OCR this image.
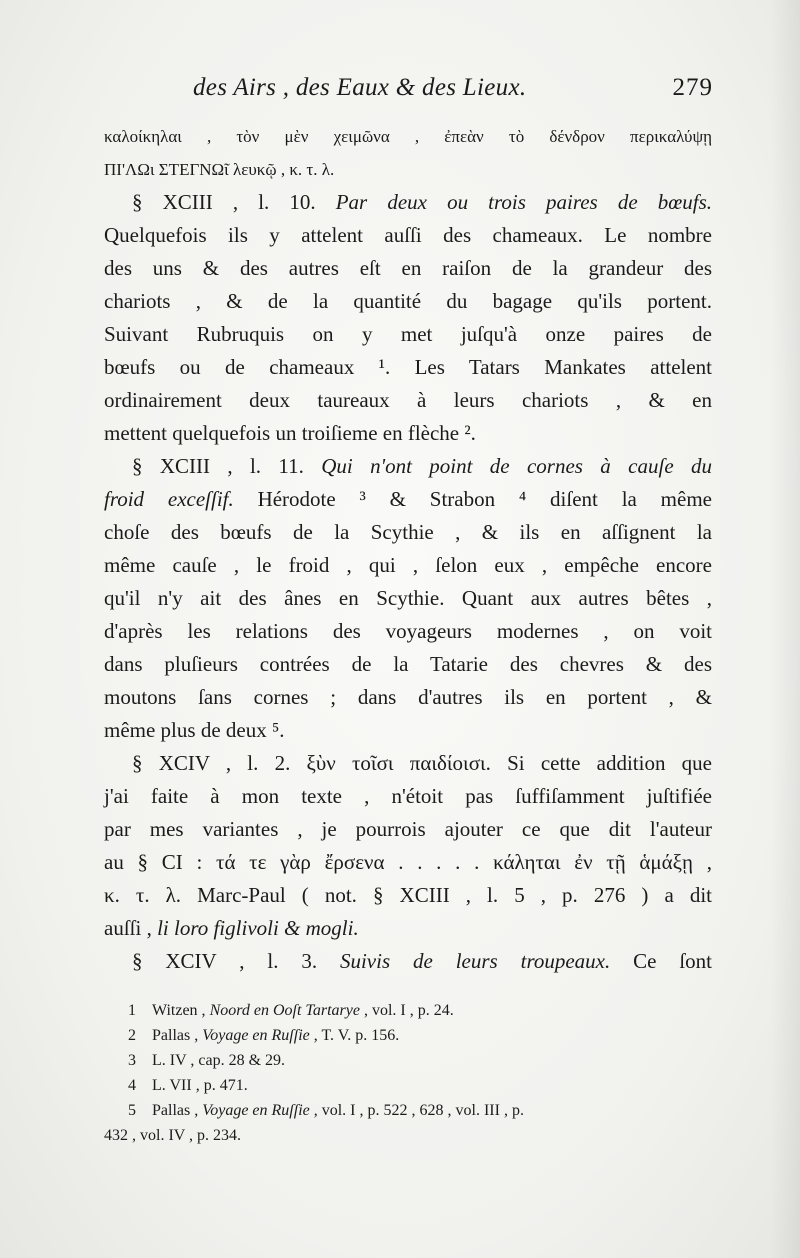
des Airs , des Eaux & des Lieux.	279
καλοίκηλαι , τὸν μὲν χειμῶνα , ἐπεὰν τὸ δένδρον περικαλύψῃ
ΠΙ'ΛΩι ΣΤΕΓΝΩ̃ι λευκῷ , κ. τ. λ.
§ XCIII , l. 10. Par deux ou trois paires de bœufs.
Quelquefois ils y attelent auſſi des chameaux. Le nombre
des uns & des autres eſt en raiſon de la grandeur des
chariots , & de la quantité du bagage qu'ils portent.
Suivant Rubruquis on y met juſqu'à onze paires de
bœufs ou de chameaux ¹. Les Tatars Mankates attelent
ordinairement deux taureaux à leurs chariots , & en
mettent quelquefois un troiſieme en flèche ².
§ XCIII , l. 11. Qui n'ont point de cornes à cauſe du
froid exceſſif. Hérodote ³ & Strabon ⁴ diſent la même
choſe des bœufs de la Scythie , & ils en aſſignent la
même cauſe , le froid , qui , ſelon eux , empêche encore
qu'il n'y ait des ânes en Scythie. Quant aux autres bêtes ,
d'après les relations des voyageurs modernes , on voit
dans pluſieurs contrées de la Tatarie des chevres & des
moutons ſans cornes ; dans d'autres ils en portent , &
même plus de deux ⁵.
§ XCIV , l. 2. ξὺν τοῖσι παιδίοισι. Si cette addition que
j'ai faite à mon texte , n'étoit pas ſuffiſamment juſtifiée
par mes variantes , je pourrois ajouter ce que dit l'auteur
au § CI : τά τε γὰρ ἔρσενα . . . . . κάληται ἐν τῇ ἁμάξῃ ,
κ. τ. λ. Marc-Paul ( not. § XCIII , l. 5 , p. 276 ) a dit
auſſi , li loro figlivoli & mogli.
§ XCIV , l. 3. Suivis de leurs troupeaux. Ce ſont
1 Witzen , Noord en Ooſt Tartarye , vol. I , p. 24.
2 Pallas , Voyage en Ruſſie , T. V. p. 156.
3 L. IV , cap. 28 & 29.
4 L. VII , p. 471.
5 Pallas , Voyage en Ruſſie , vol. I , p. 522 , 628 , vol. III , p.
432 , vol. IV , p. 234.
